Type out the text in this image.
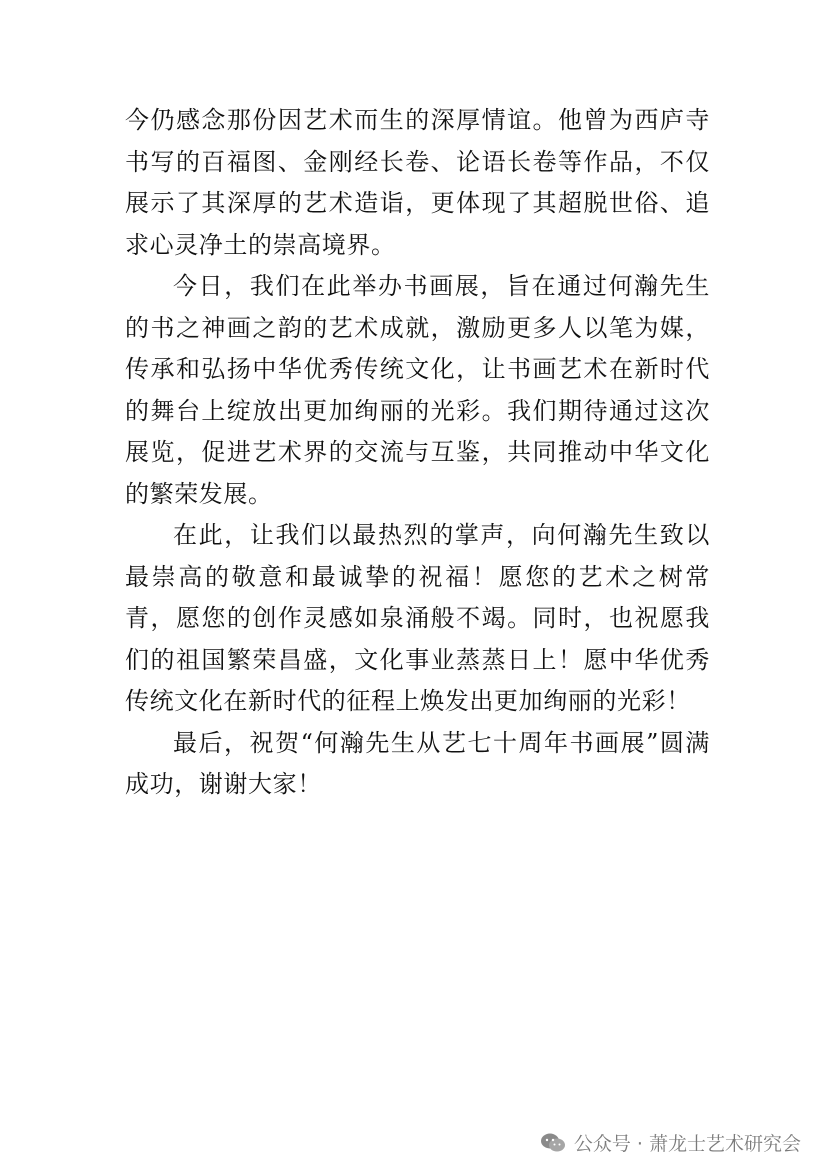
今仍感念那份因艺术而生的深厚情谊。他曾为西庐寺书写的百福图、金刚经长卷、论语长卷等作品，不仅展示了其深厚的艺术造诣，更体现了其超脱世俗、追求心灵净土的崇高境界。

今日，我们在此举办书画展，旨在通过何瀚先生的书之神画之韵的艺术成就，激励更多人以笔为媒，传承和弘扬中华优秀传统文化，让书画艺术在新时代的舞台上绽放出更加绚丽的光彩。我们期待通过这次展览，促进艺术界的交流与互鉴，共同推动中华文化的繁荣发展。

在此，让我们以最热烈的掌声，向何瀚先生致以最崇高的敬意和最诚挚的祝福！愿您的艺术之树常青，愿您的创作灵感如泉涌般不竭。同时，也祝愿我们的祖国繁荣昌盛，文化事业蒸蒸日上！愿中华优秀传统文化在新时代的征程上焕发出更加绚丽的光彩！

最后，祝贺“何瀚先生从艺七十周年书画展”圆满成功，谢谢大家！

公众号 · 萧龙士艺术研究会
